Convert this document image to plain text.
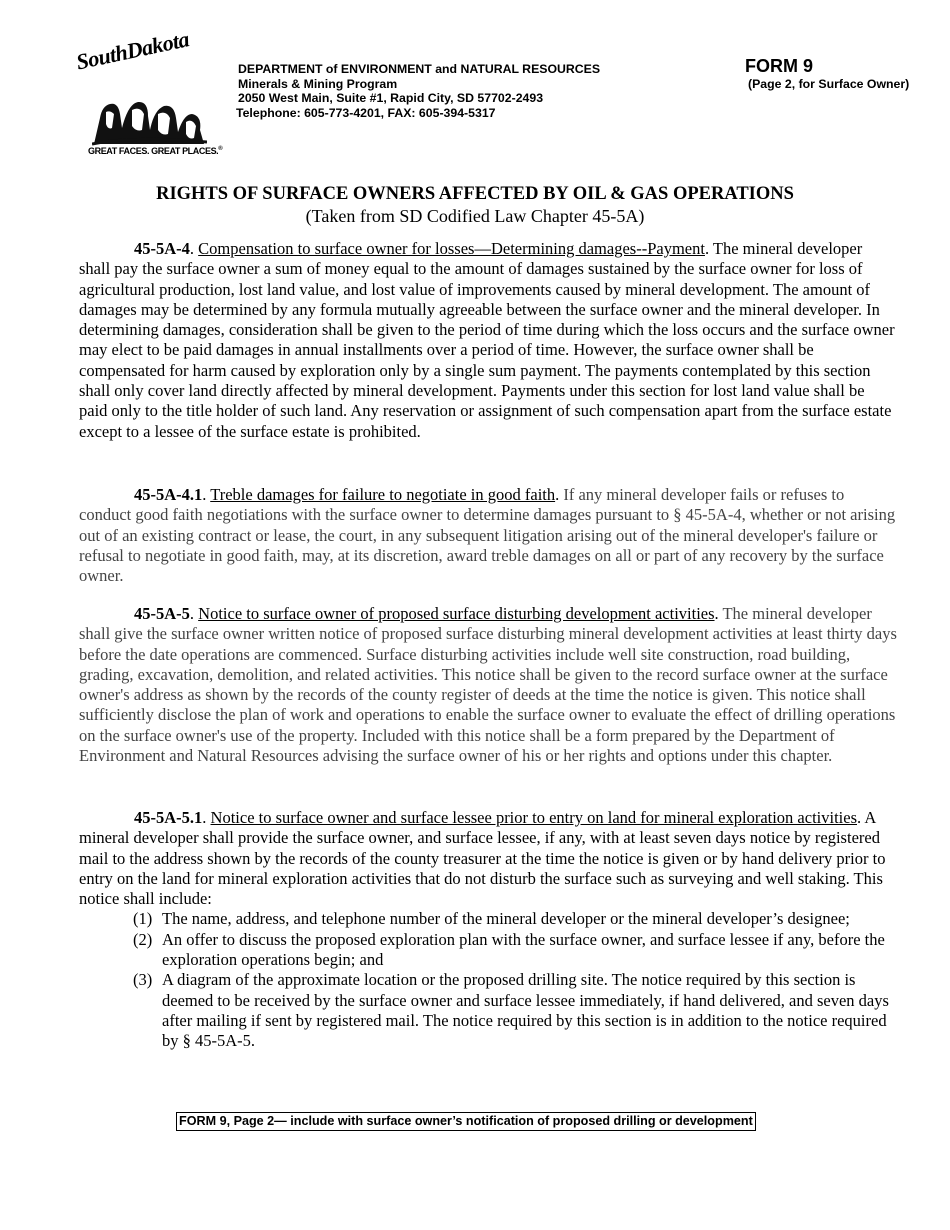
SouthDakota
GREAT FACES. GREAT PLACES.®
DEPARTMENT of ENVIRONMENT and NATURAL RESOURCES
Minerals & Mining Program
2050 West Main, Suite #1, Rapid City, SD 57702-2493
Telephone: 605-773-4201, FAX: 605-394-5317
FORM 9
(Page 2, for Surface Owner)
RIGHTS OF SURFACE OWNERS AFFECTED BY OIL & GAS OPERATIONS
(Taken from SD Codified Law Chapter 45-5A)

45-5A-4. Compensation to surface owner for losses—Determining damages--Payment. The mineral developer shall pay the surface owner a sum of money equal to the amount of damages sustained by the surface owner for loss of agricultural production, lost land value, and lost value of improvements caused by mineral development. The amount of damages may be determined by any formula mutually agreeable between the surface owner and the mineral developer. In determining damages, consideration shall be given to the period of time during which the loss occurs and the surface owner may elect to be paid damages in annual installments over a period of time. However, the surface owner shall be compensated for harm caused by exploration only by a single sum payment. The payments contemplated by this section shall only cover land directly affected by mineral development. Payments under this section for lost land value shall be paid only to the title holder of such land. Any reservation or assignment of such compensation apart from the surface estate except to a lessee of the surface estate is prohibited.

45-5A-4.1. Treble damages for failure to negotiate in good faith. If any mineral developer fails or refuses to conduct good faith negotiations with the surface owner to determine damages pursuant to § 45-5A-4, whether or not arising out of an existing contract or lease, the court, in any subsequent litigation arising out of the mineral developer's failure or refusal to negotiate in good faith, may, at its discretion, award treble damages on all or part of any recovery by the surface owner.

45-5A-5. Notice to surface owner of proposed surface disturbing development activities. The mineral developer shall give the surface owner written notice of proposed surface disturbing mineral development activities at least thirty days before the date operations are commenced. Surface disturbing activities include well site construction, road building, grading, excavation, demolition, and related activities. This notice shall be given to the record surface owner at the surface owner's address as shown by the records of the county register of deeds at the time the notice is given. This notice shall sufficiently disclose the plan of work and operations to enable the surface owner to evaluate the effect of drilling operations on the surface owner's use of the property. Included with this notice shall be a form prepared by the Department of Environment and Natural Resources advising the surface owner of his or her rights and options under this chapter.

45-5A-5.1. Notice to surface owner and surface lessee prior to entry on land for mineral exploration activities. A mineral developer shall provide the surface owner, and surface lessee, if any, with at least seven days notice by registered mail to the address shown by the records of the county treasurer at the time the notice is given or by hand delivery prior to entry on the land for mineral exploration activities that do not disturb the surface such as surveying and well staking. This notice shall include:

(1) The name, address, and telephone number of the mineral developer or the mineral developer’s designee;
(2) An offer to discuss the proposed exploration plan with the surface owner, and surface lessee if any, before the exploration operations begin; and
(3) A diagram of the approximate location or the proposed drilling site. The notice required by this section is deemed to be received by the surface owner and surface lessee immediately, if hand delivered, and seven days after mailing if sent by registered mail. The notice required by this section is in addition to the notice required by § 45-5A-5.
FORM 9, Page 2— include with surface owner’s notification of proposed drilling or development
